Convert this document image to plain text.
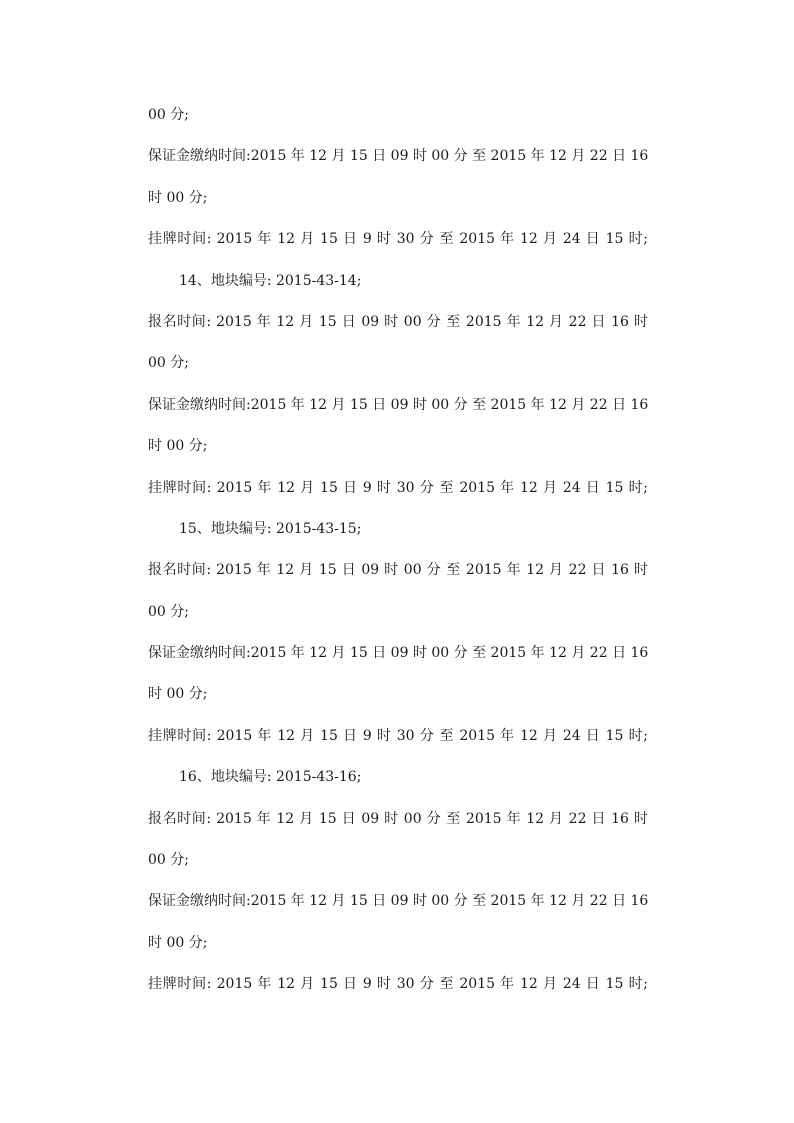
00 分;
保证金缴纳时间:2015 年 12 月 15 日 09 时 00 分 至 2015 年 12 月 22 日 16
时 00 分;
挂牌时间: 2015 年 12 月 15 日 9 时 30 分 至 2015 年 12 月 24 日 15 时;
14、地块编号: 2015-43-14;
报名时间: 2015 年 12 月 15 日 09 时 00 分 至 2015 年 12 月 22 日 16 时
00 分;
保证金缴纳时间:2015 年 12 月 15 日 09 时 00 分 至 2015 年 12 月 22 日 16
时 00 分;
挂牌时间: 2015 年 12 月 15 日 9 时 30 分 至 2015 年 12 月 24 日 15 时;
15、地块编号: 2015-43-15;
报名时间: 2015 年 12 月 15 日 09 时 00 分 至 2015 年 12 月 22 日 16 时
00 分;
保证金缴纳时间:2015 年 12 月 15 日 09 时 00 分 至 2015 年 12 月 22 日 16
时 00 分;
挂牌时间: 2015 年 12 月 15 日 9 时 30 分 至 2015 年 12 月 24 日 15 时;
16、地块编号: 2015-43-16;
报名时间: 2015 年 12 月 15 日 09 时 00 分 至 2015 年 12 月 22 日 16 时
00 分;
保证金缴纳时间:2015 年 12 月 15 日 09 时 00 分 至 2015 年 12 月 22 日 16
时 00 分;
挂牌时间: 2015 年 12 月 15 日 9 时 30 分 至 2015 年 12 月 24 日 15 时;
